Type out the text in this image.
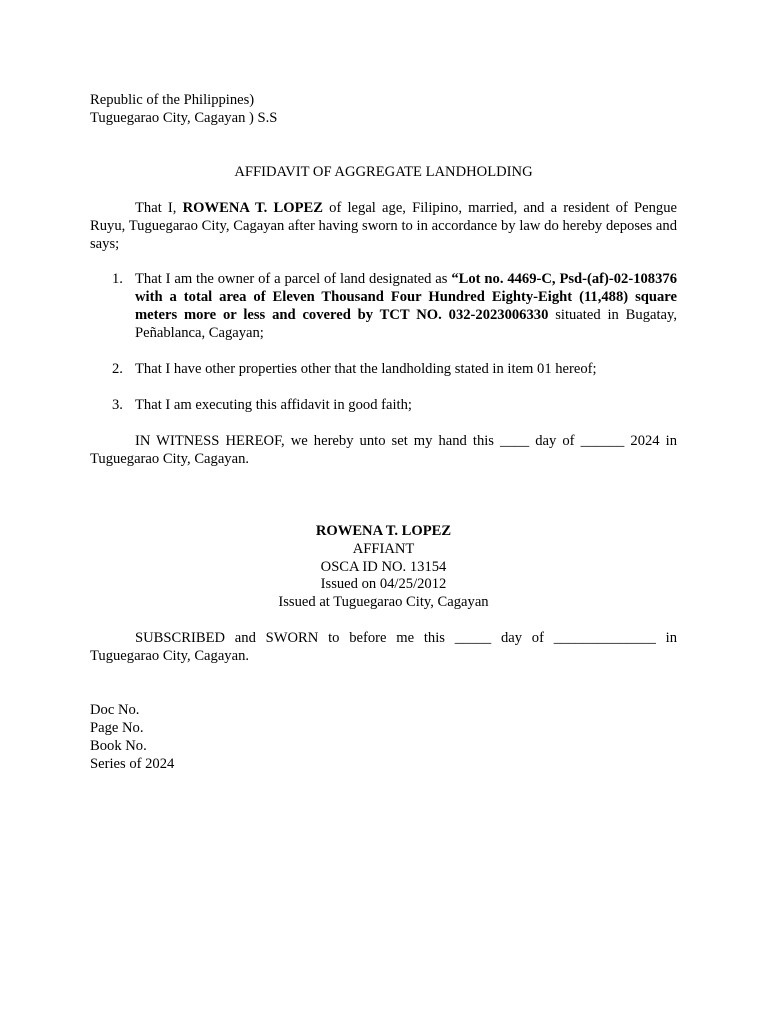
Republic of the Philippines)
Tuguegarao City, Cagayan ) S.S
AFFIDAVIT OF AGGREGATE LANDHOLDING

That I, ROWENA T. LOPEZ of legal age, Filipino, married, and a resident of Pengue Ruyu, Tuguegarao City, Cagayan after having sworn to in accordance by law do hereby deposes and says;

1. That I am the owner of a parcel of land designated as “Lot no. 4469-C, Psd-(af)-02-108376 with a total area of Eleven Thousand Four Hundred Eighty-Eight (11,488) square meters more or less and covered by TCT NO. 032-2023006330 situated in Bugatay, Peñablanca, Cagayan;
2. That I have other properties other that the landholding stated in item 01 hereof;
3. That I am executing this affidavit in good faith;
IN WITNESS HEREOF, we hereby unto set my hand this ____ day of ______ 2024 in
Tuguegarao City, Cagayan.
ROWENA T. LOPEZ
AFFIANT
OSCA ID NO. 13154
Issued on 04/25/2012
Issued at Tuguegarao City, Cagayan

SUBSCRIBED and SWORN to before me this _____ day of ______________ in Tuguegarao City, Cagayan.

Doc No.
Page No.
Book No.
Series of 2024
